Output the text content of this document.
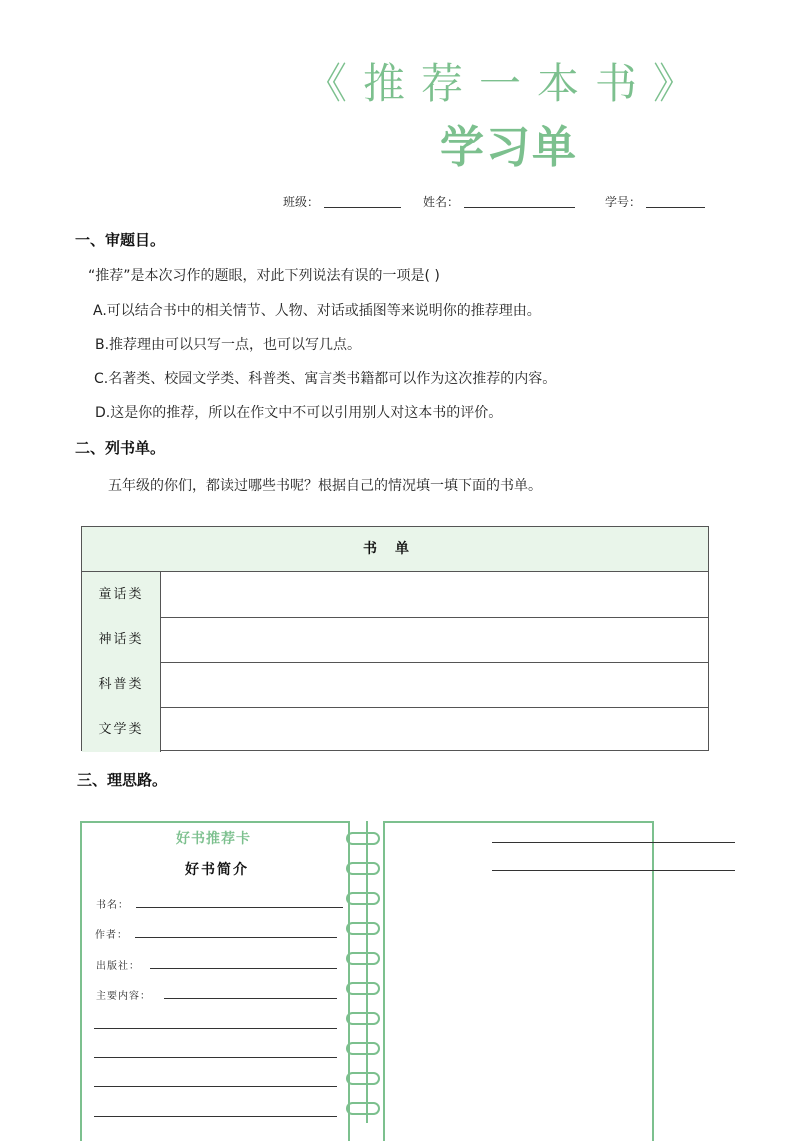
《推荐一本书》
学习单
班级：	姓名：	学号：
一、审题目。
“推荐”是本次习作的题眼，对此下列说法有误的一项是( )
A.可以结合书中的相关情节、人物、对话或插图等来说明你的推荐理由。
B.推荐理由可以只写一点，也可以写几点。
C.名著类、校园文学类、科普类、寓言类书籍都可以作为这次推荐的内容。
D.这是你的推荐，所以在作文中不可以引用别人对这本书的评价。
二、列书单。
五年级的你们，都读过哪些书呢？根据自己的情况填一填下面的书单。
书单
童话类
神话类
科普类
文学类
三、理思路。
好书推荐卡
好书简介
书名：
作者：
出版社：
主要内容：
